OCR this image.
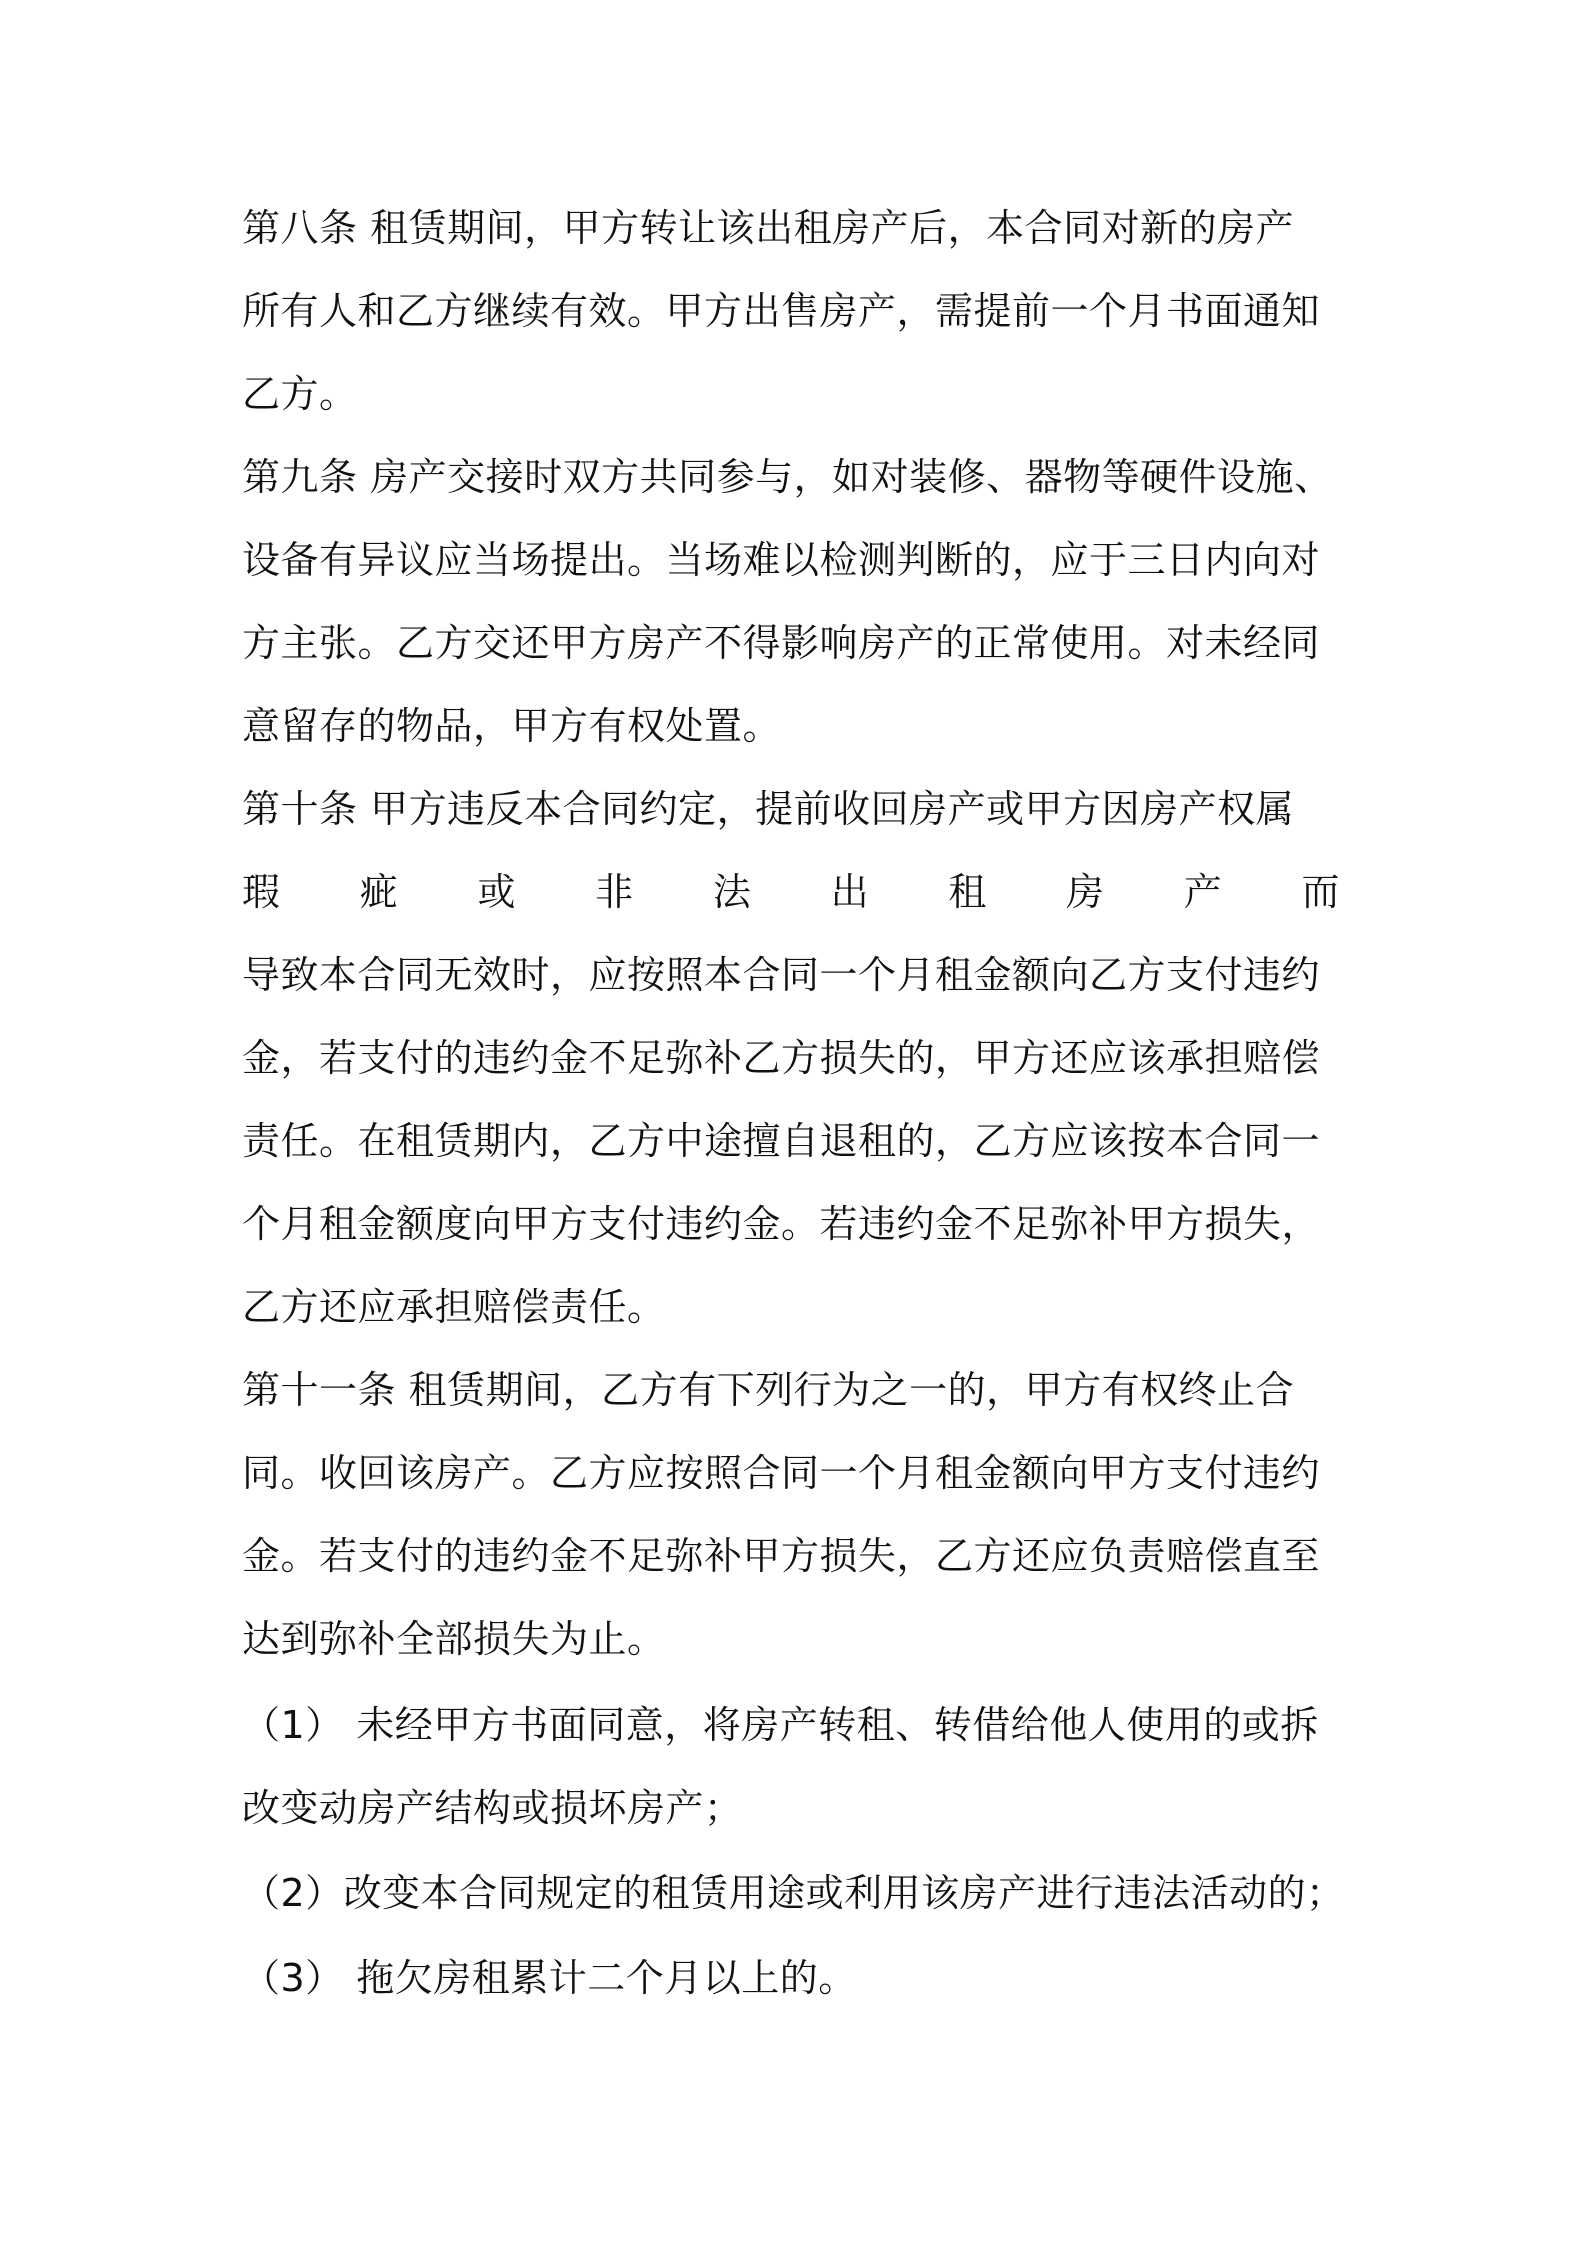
第八条 租赁期间，甲方转让该出租房产后，本合同对新的房产
所有人和乙方继续有效。甲方出售房产，需提前一个月书面通知
乙方。
第九条 房产交接时双方共同参与，如对装修、器物等硬件设施、
设备有异议应当场提出。当场难以检测判断的，应于三日内向对
方主张。乙方交还甲方房产不得影响房产的正常使用。对未经同
意留存的物品，甲方有权处置。
第十条 甲方违反本合同约定，提前收回房产或甲方因房产权属
瑕 疵 或 非 法 出 租 房 产 而
导致本合同无效时，应按照本合同一个月租金额向乙方支付违约
金，若支付的违约金不足弥补乙方损失的，甲方还应该承担赔偿
责任。在租赁期内，乙方中途擅自退租的，乙方应该按本合同一
个月租金额度向甲方支付违约金。若违约金不足弥补甲方损失，
乙方还应承担赔偿责任。
第十一条 租赁期间，乙方有下列行为之一的，甲方有权终止合
同。收回该房产。乙方应按照合同一个月租金额向甲方支付违约
金。若支付的违约金不足弥补甲方损失，乙方还应负责赔偿直至
达到弥补全部损失为止。
（1） 未经甲方书面同意，将房产转租、转借给他人使用的或拆
改变动房产结构或损坏房产；
（2）改变本合同规定的租赁用途或利用该房产进行违法活动的；
（3） 拖欠房租累计二个月以上的。
